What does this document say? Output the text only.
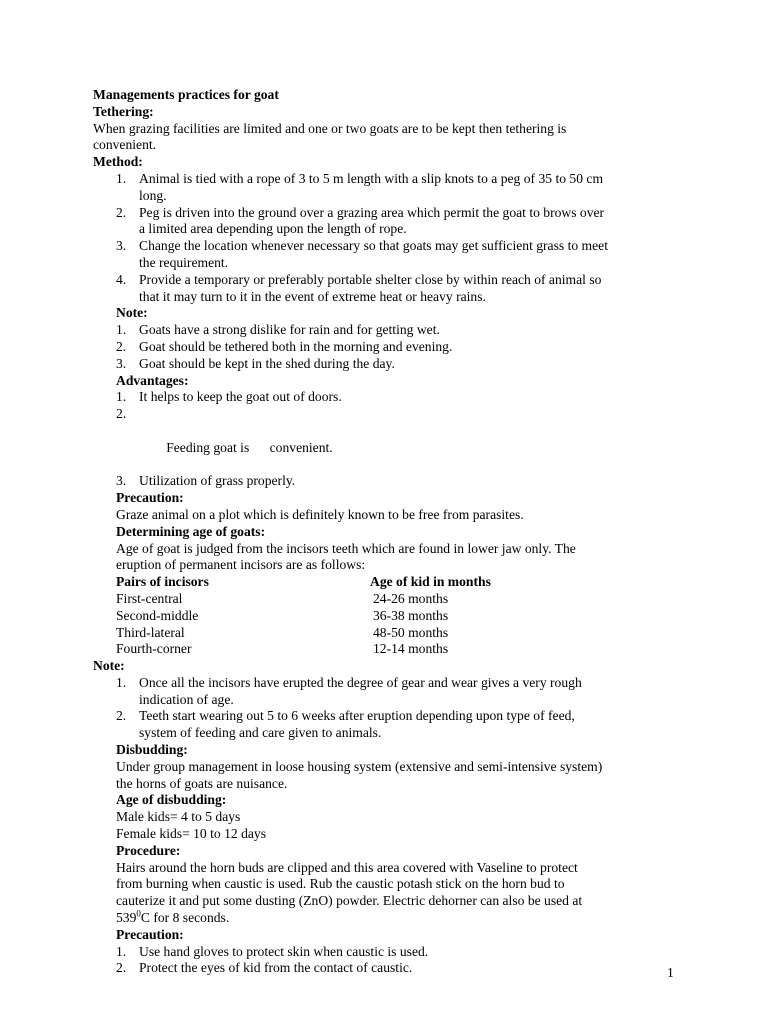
Managements practices for goat
Tethering:
When grazing facilities are limited and one or two goats are to be kept then tethering is
convenient.
Method:
1. Animal is tied with a rope of 3 to 5 m length with a slip knots to a peg of 35 to 50 cm
long.
2. Peg is driven into the ground over a grazing area which permit the goat to brows over
a limited area depending upon the length of rope.
3. Change the location whenever necessary so that goats may get sufficient grass to meet
the requirement.
4. Provide a temporary or preferably portable shelter close by within reach of animal so
that it may turn to it in the event of extreme heat or heavy rains.
Note:
1. Goats have a strong dislike for rain and for getting wet.
2. Goat should be tethered both in the morning and evening.
3. Goat should be kept in the shed during the day.
Advantages:
1. It helps to keep the goat out of doors.

2.

Feeding goat is      convenient.

3. Utilization of grass properly.
Precaution:
Graze animal on a plot which is definitely known to be free from parasites.
Determining age of goats:
Age of goat is judged from the incisors teeth which are found in lower jaw only. The
eruption of permanent incisors are as follows:
Pairs of incisors	Age of kid in months
First-central	24-26 months
Second-middle	36-38 months
Third-lateral	48-50 months
Fourth-corner	12-14 months
Note:
1. Once all the incisors have erupted the degree of gear and wear gives a very rough
indication of age.
2. Teeth start wearing out 5 to 6 weeks after eruption depending upon type of feed,
system of feeding and care given to animals.
Disbudding:
Under group management in loose housing system (extensive and semi-intensive system)
the horns of goats are nuisance.
Age of disbudding:
Male kids= 4 to 5 days
Female kids= 10 to 12 days
Procedure:
Hairs around the horn buds are clipped and this area covered with Vaseline to protect
from burning when caustic is used. Rub the caustic potash stick on the horn bud to
cauterize it and put some dusting (ZnO) powder. Electric dehorner can also be used at
$539^0C$ for 8 seconds.
Precaution:
1. Use hand gloves to protect skin when caustic is used.
2. Protect the eyes of kid from the contact of caustic.	1
